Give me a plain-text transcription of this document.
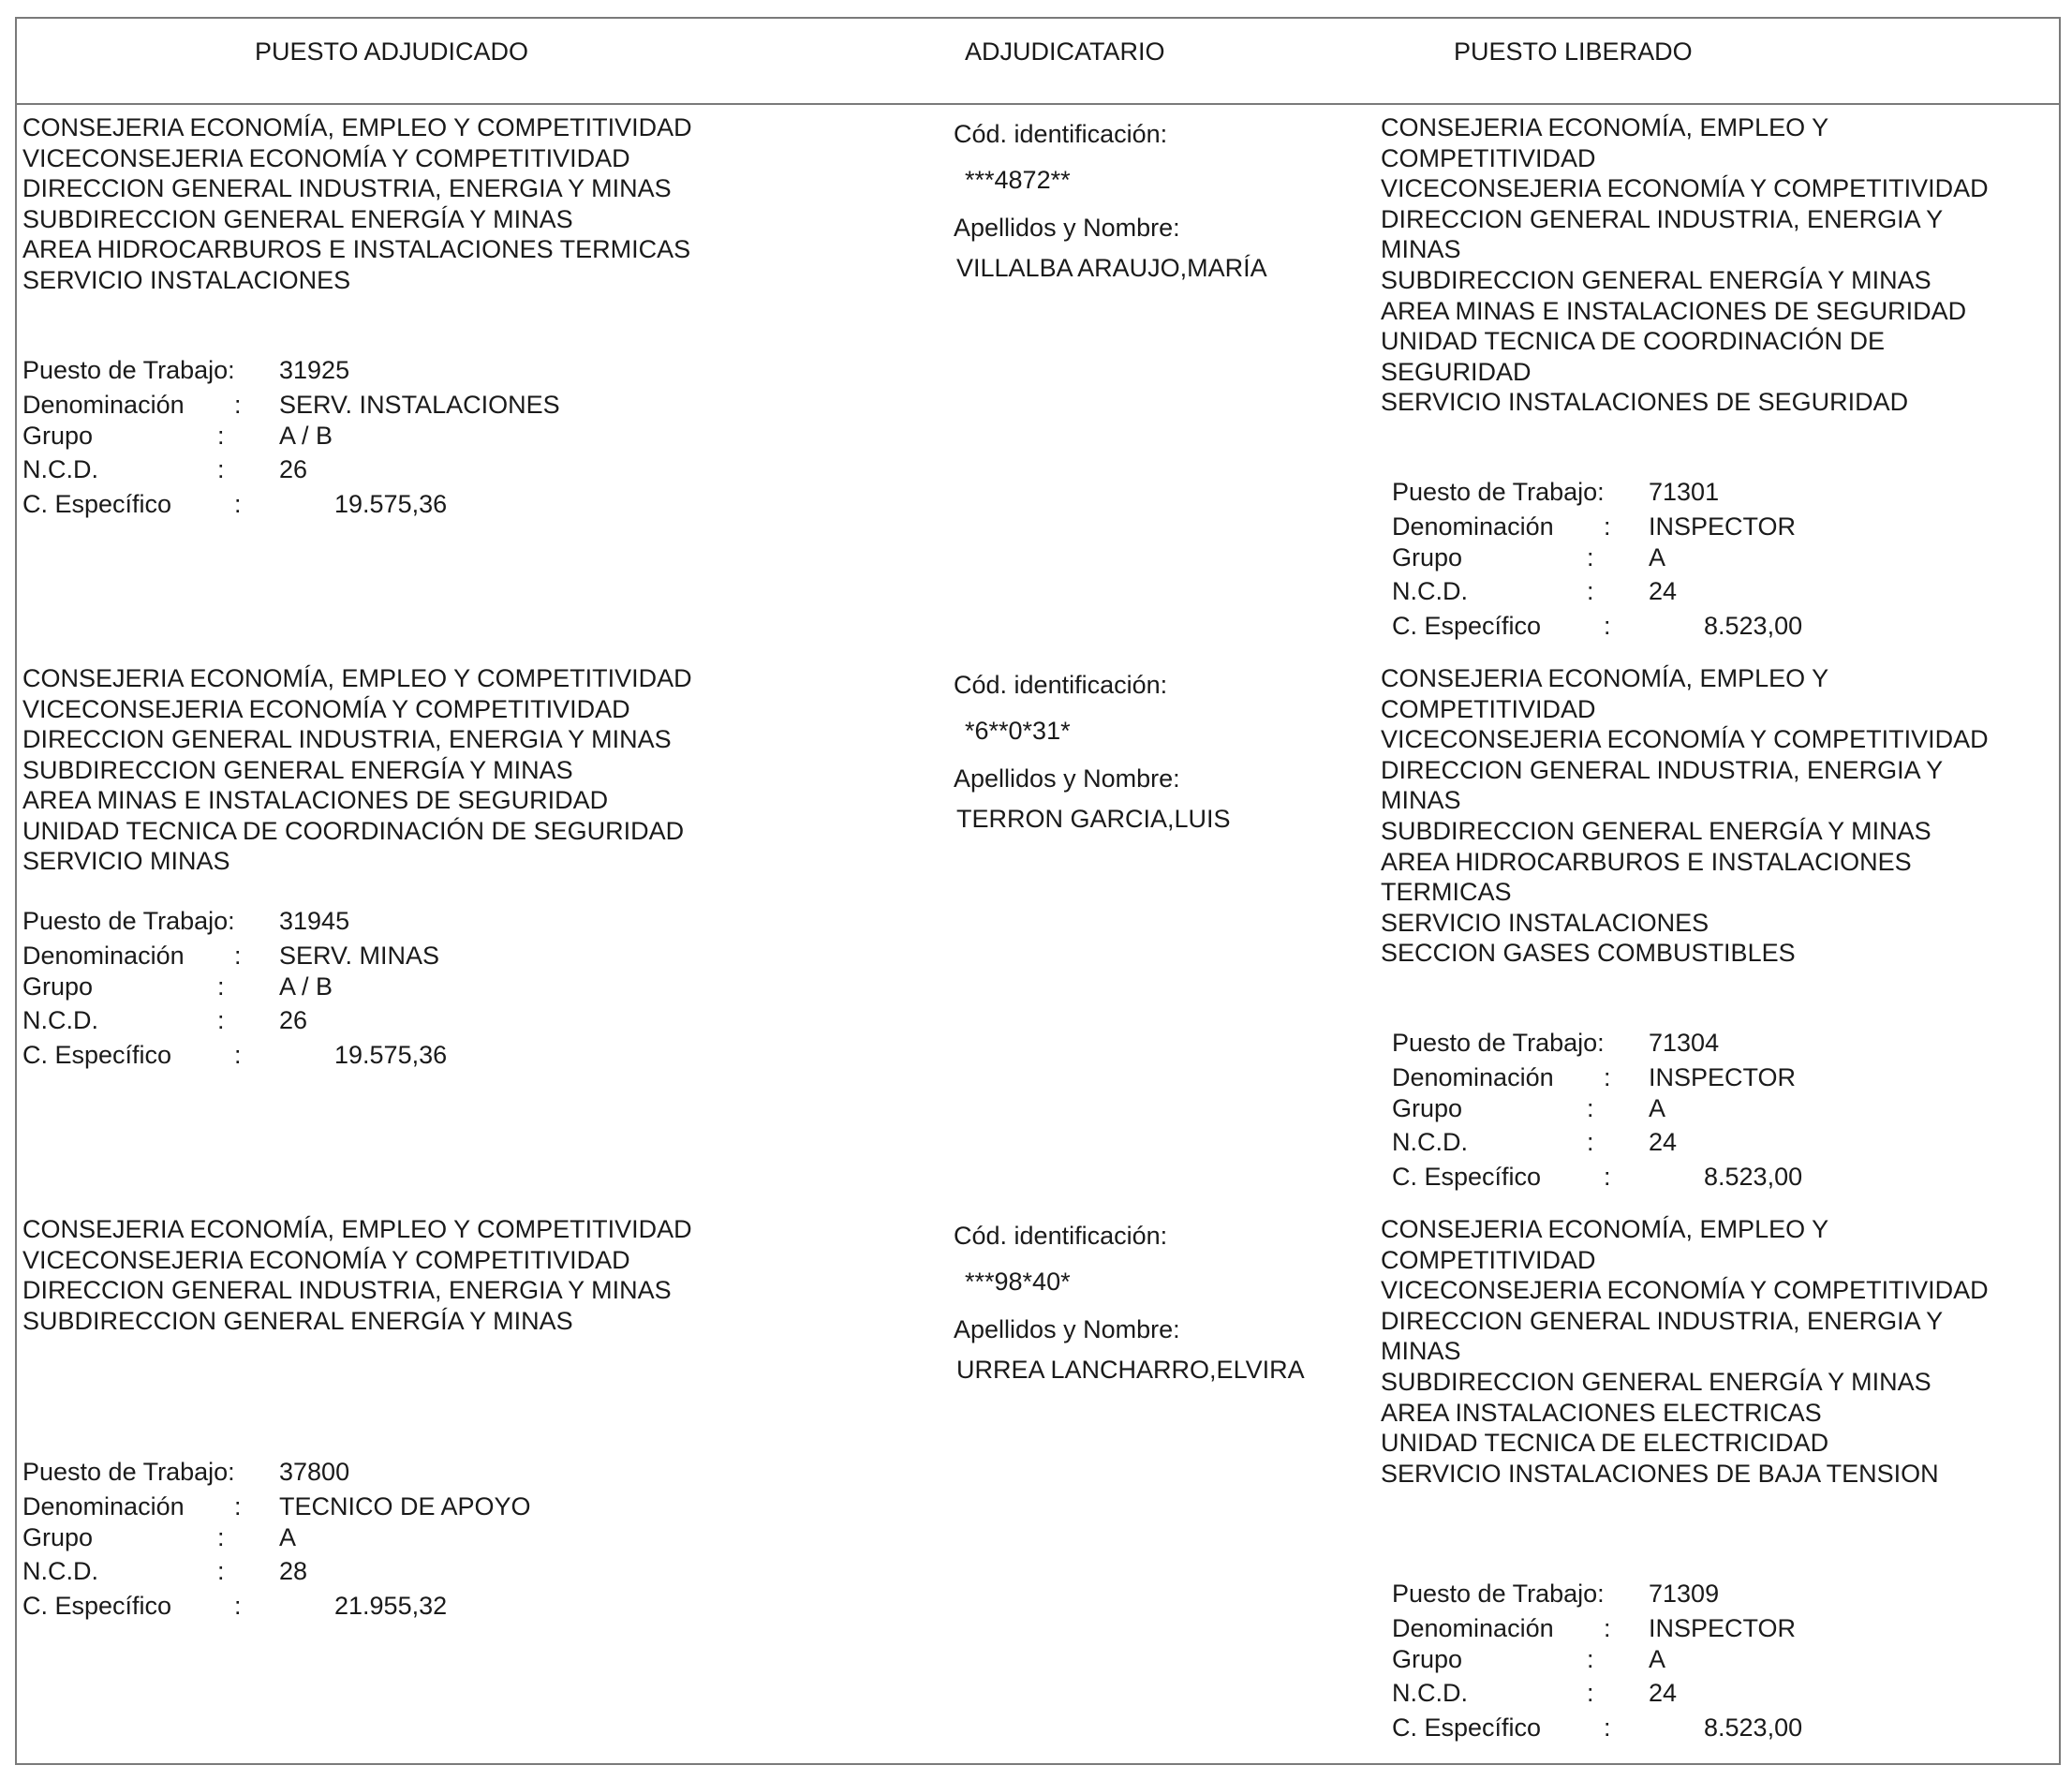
PUESTO ADJUDICADO	ADJUDICATARIO	PUESTO LIBERADO
CONSEJERIA ECONOMÍA, EMPLEO Y COMPETITIVIDAD
VICECONSEJERIA ECONOMÍA Y COMPETITIVIDAD
DIRECCION GENERAL INDUSTRIA, ENERGIA Y MINAS
SUBDIRECCION GENERAL ENERGÍA Y MINAS
AREA HIDROCARBUROS E INSTALACIONES TERMICAS
SERVICIO INSTALACIONES
Puesto de Trabajo: 31925
Denominación : SERV. INSTALACIONES
Grupo	: A / B
N.C.D.	: 26
C. Específico :	19.575,36
Cód. identificación:
***4872**
Apellidos y Nombre:
VILLALBA ARAUJO,MARÍA
CONSEJERIA ECONOMÍA, EMPLEO Y
COMPETITIVIDAD
VICECONSEJERIA ECONOMÍA Y COMPETITIVIDAD
DIRECCION GENERAL INDUSTRIA, ENERGIA Y
MINAS
SUBDIRECCION GENERAL ENERGÍA Y MINAS
AREA MINAS E INSTALACIONES DE SEGURIDAD
UNIDAD TECNICA DE COORDINACIÓN DE
SEGURIDAD
SERVICIO INSTALACIONES DE SEGURIDAD
Puesto de Trabajo: 71301
Denominación : INSPECTOR
Grupo	: A
N.C.D.	: 24
C. Específico :	8.523,00
CONSEJERIA ECONOMÍA, EMPLEO Y COMPETITIVIDAD
VICECONSEJERIA ECONOMÍA Y COMPETITIVIDAD
DIRECCION GENERAL INDUSTRIA, ENERGIA Y MINAS
SUBDIRECCION GENERAL ENERGÍA Y MINAS
AREA MINAS E INSTALACIONES DE SEGURIDAD
UNIDAD TECNICA DE COORDINACIÓN DE SEGURIDAD
SERVICIO MINAS
Puesto de Trabajo: 31945
Denominación : SERV. MINAS
Grupo	: A / B
N.C.D.	: 26
C. Específico :	19.575,36
Cód. identificación:
*6**0*31*
Apellidos y Nombre:
TERRON GARCIA,LUIS
CONSEJERIA ECONOMÍA, EMPLEO Y
COMPETITIVIDAD
VICECONSEJERIA ECONOMÍA Y COMPETITIVIDAD
DIRECCION GENERAL INDUSTRIA, ENERGIA Y
MINAS
SUBDIRECCION GENERAL ENERGÍA Y MINAS
AREA HIDROCARBUROS E INSTALACIONES
TERMICAS
SERVICIO INSTALACIONES
SECCION GASES COMBUSTIBLES
Puesto de Trabajo: 71304
Denominación : INSPECTOR
Grupo	: A
N.C.D.	: 24
C. Específico :	8.523,00
CONSEJERIA ECONOMÍA, EMPLEO Y COMPETITIVIDAD
VICECONSEJERIA ECONOMÍA Y COMPETITIVIDAD
DIRECCION GENERAL INDUSTRIA, ENERGIA Y MINAS
SUBDIRECCION GENERAL ENERGÍA Y MINAS
Puesto de Trabajo: 37800
Denominación : TECNICO DE APOYO
Grupo	: A
N.C.D.	: 28
C. Específico :	21.955,32
Cód. identificación:
***98*40*
Apellidos y Nombre:
URREA LANCHARRO,ELVIRA
CONSEJERIA ECONOMÍA, EMPLEO Y
COMPETITIVIDAD
VICECONSEJERIA ECONOMÍA Y COMPETITIVIDAD
DIRECCION GENERAL INDUSTRIA, ENERGIA Y
MINAS
SUBDIRECCION GENERAL ENERGÍA Y MINAS
AREA INSTALACIONES ELECTRICAS
UNIDAD TECNICA DE ELECTRICIDAD
SERVICIO INSTALACIONES DE BAJA TENSION
Puesto de Trabajo: 71309
Denominación : INSPECTOR
Grupo	: A
N.C.D.	: 24
C. Específico :	8.523,00
